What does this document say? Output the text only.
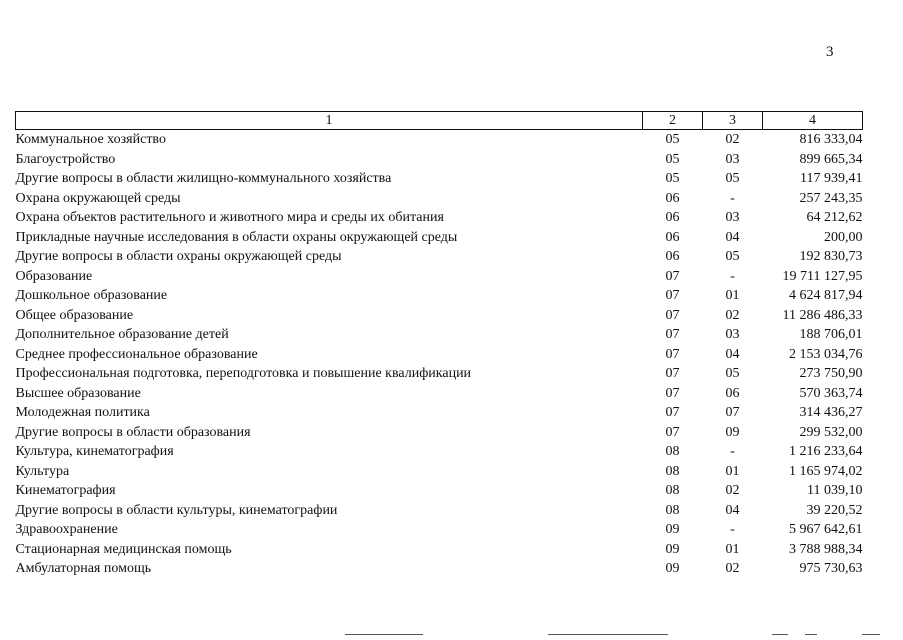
3
1	2	3	4
Коммунальное хозяйство	05	02	816 333,04
Благоустройство	05	03	899 665,34
Другие вопросы в области жилищно-коммунального хозяйства	05	05	117 939,41
Охрана окружающей среды	06	-	257 243,35
Охрана объектов растительного и животного мира и среды их обитания	06	03	64 212,62
Прикладные научные исследования в области охраны окружающей среды	06	04	200,00
Другие вопросы в области охраны окружающей среды	06	05	192 830,73
Образование	07	-	19 711 127,95
Дошкольное образование	07	01	4 624 817,94
Общее образование	07	02	11 286 486,33
Дополнительное образование детей	07	03	188 706,01
Среднее профессиональное образование	07	04	2 153 034,76
Профессиональная подготовка, переподготовка и повышение квалификации	07	05	273 750,90
Высшее образование	07	06	570 363,74
Молодежная политика	07	07	314 436,27
Другие вопросы в области образования	07	09	299 532,00
Культура, кинематография	08	-	1 216 233,64
Культура	08	01	1 165 974,02
Кинематография	08	02	11 039,10
Другие вопросы в области культуры, кинематографии	08	04	39 220,52
Здравоохранение	09	-	5 967 642,61
Стационарная медицинская помощь	09	01	3 788 988,34
Амбулаторная помощь	09	02	975 730,63
